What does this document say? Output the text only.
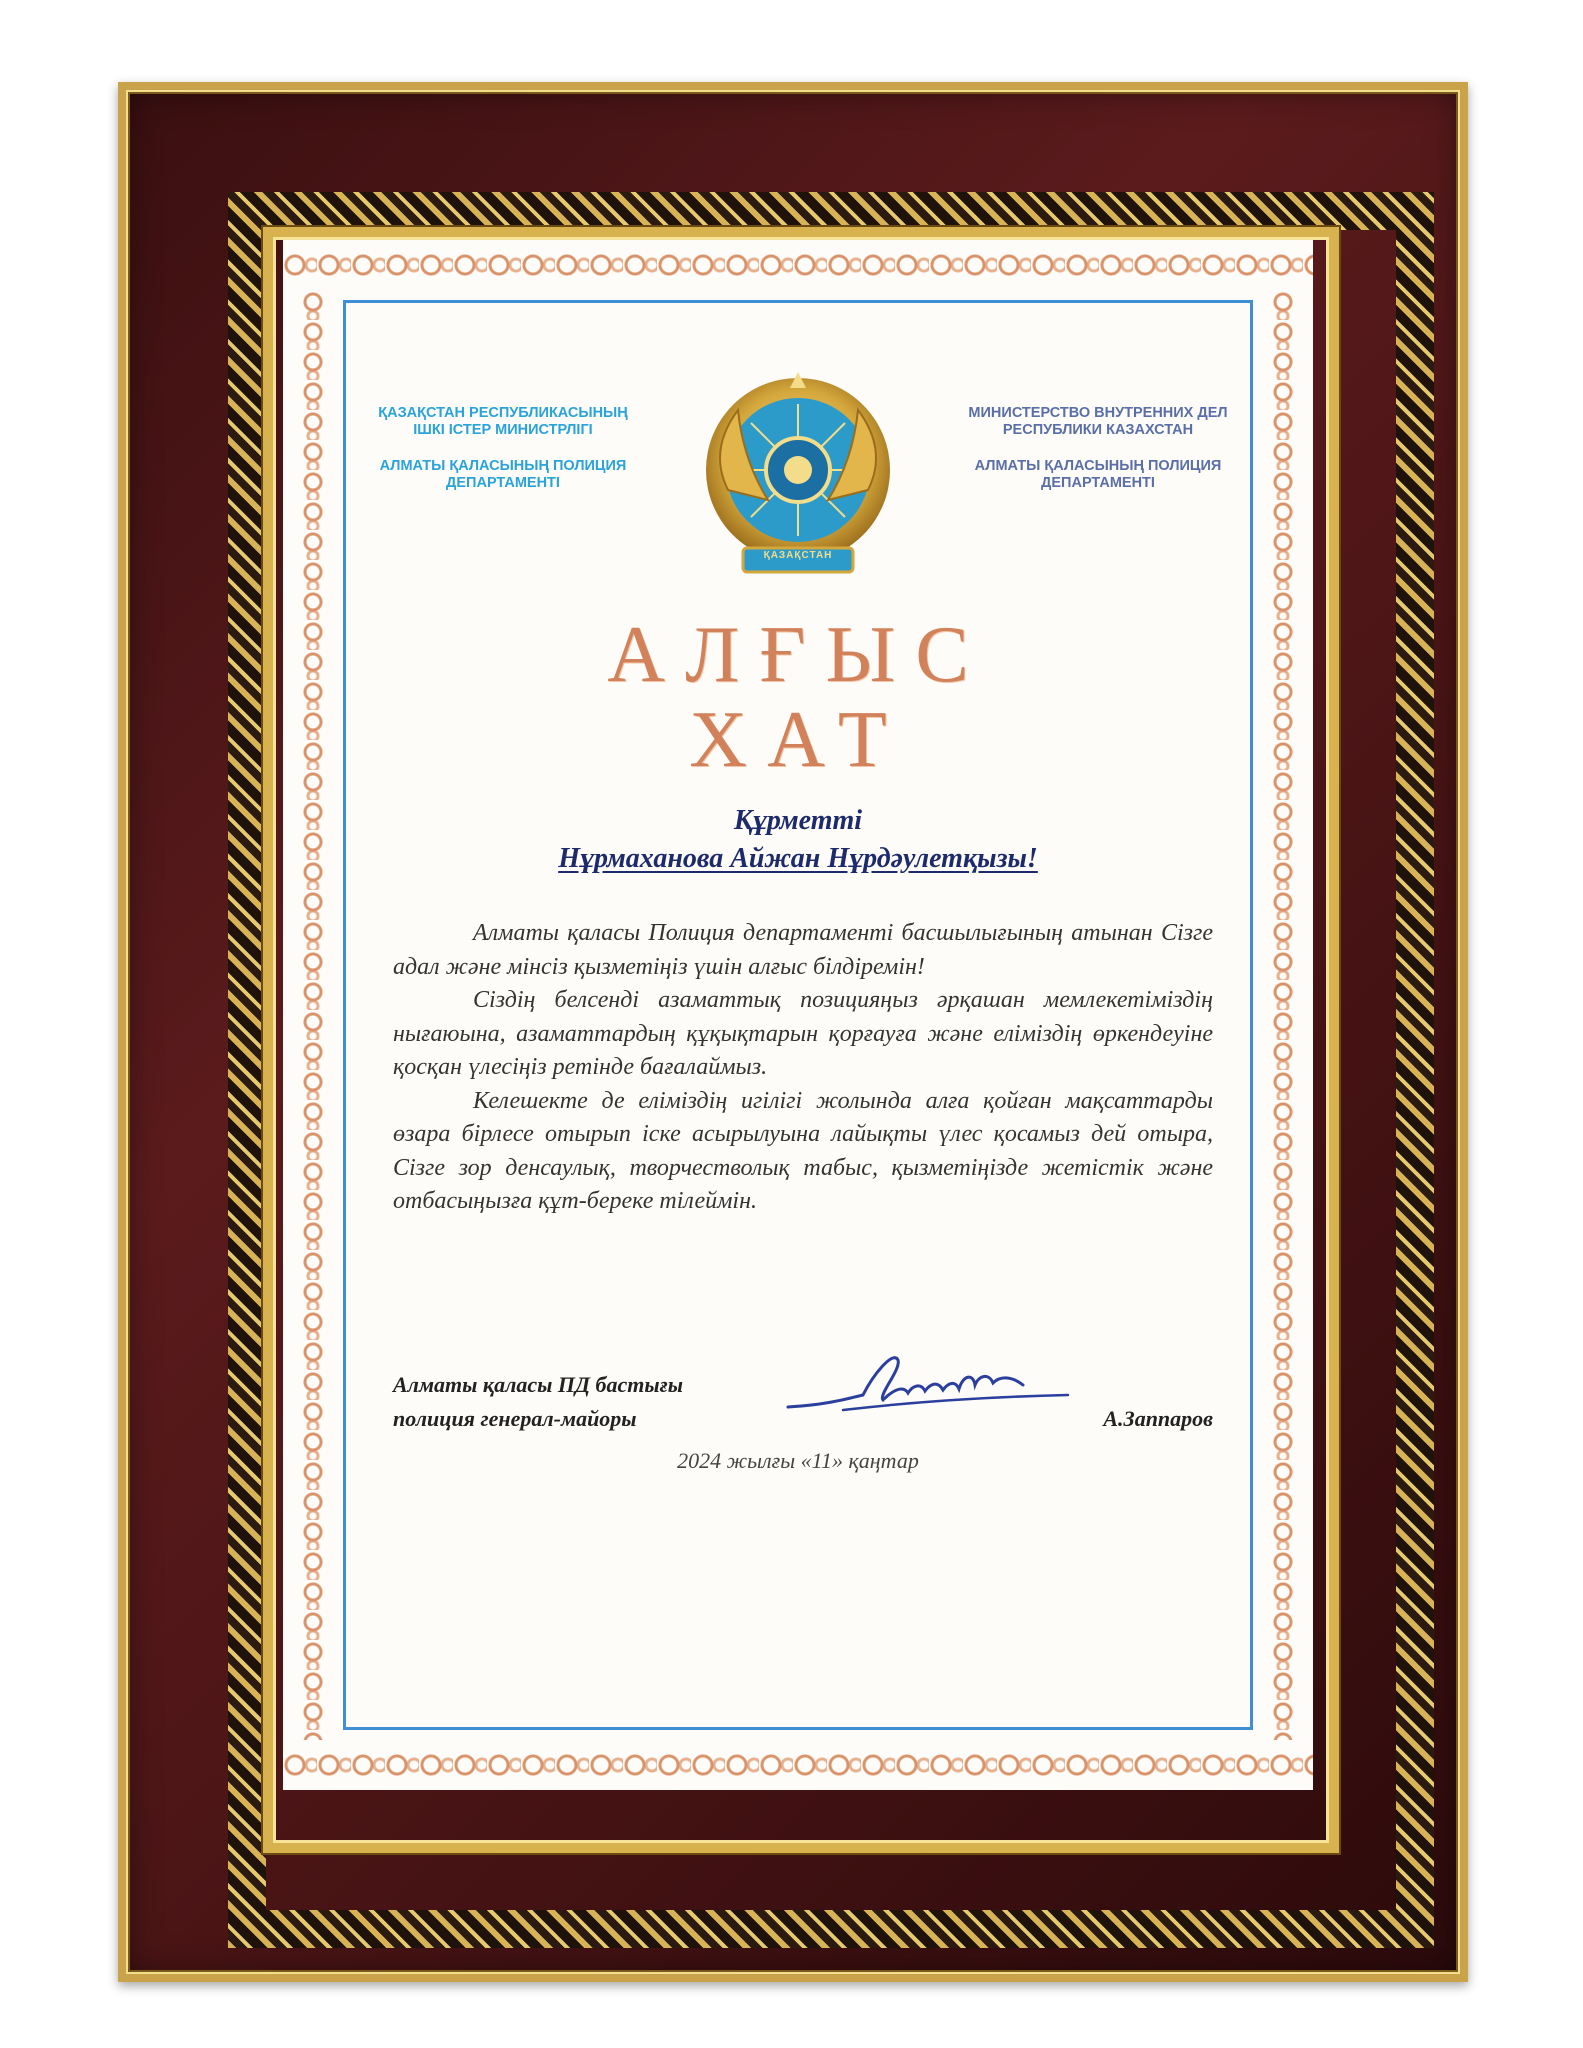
ҚАЗАҚСТАН РЕСПУБЛИКАСЫНЫҢ ІШКІ ІСТЕР МИНИСТРЛІГІ
АЛМАТЫ ҚАЛАСЫНЫҢ ПОЛИЦИЯ ДЕПАРТАМЕНТІ
ҚАЗАҚСТАН
МИНИСТЕРСТВО ВНУТРЕННИХ ДЕЛ РЕСПУБЛИКИ КАЗАХСТАН
АЛМАТЫ ҚАЛАСЫНЫҢ ПОЛИЦИЯ ДЕПАРТАМЕНТІ
АЛҒЫС
ХАТ
Құрметті
Нұрмаханова Айжан Нұрдәулетқызы!

Алматы қаласы Полиция департаменті басшылығының атынан Сізге адал және мінсіз қызметіңіз үшін алғыс білдіремін!

Сіздің белсенді азаматтық позицияңыз әрқашан мемлекетіміздің нығаюына, азаматтардың құқықтарын қорғауға және еліміздің өркендеуіне қосқан үлесіңіз ретінде бағалаймыз.

Келешекте де еліміздің игілігі жолында алға қойған мақсаттарды өзара бірлесе отырып іске асырылуына лайықты үлес қосамыз дей отыра, Сізге зор денсаулық, творчестволық табыс, қызметіңізде жетістік және отбасыңызға құт-береке тілеймін.

Алматы қаласы ПД бастығы
полиция генерал-майоры	А.Заппаров
2024 жылғы «11» қаңтар
